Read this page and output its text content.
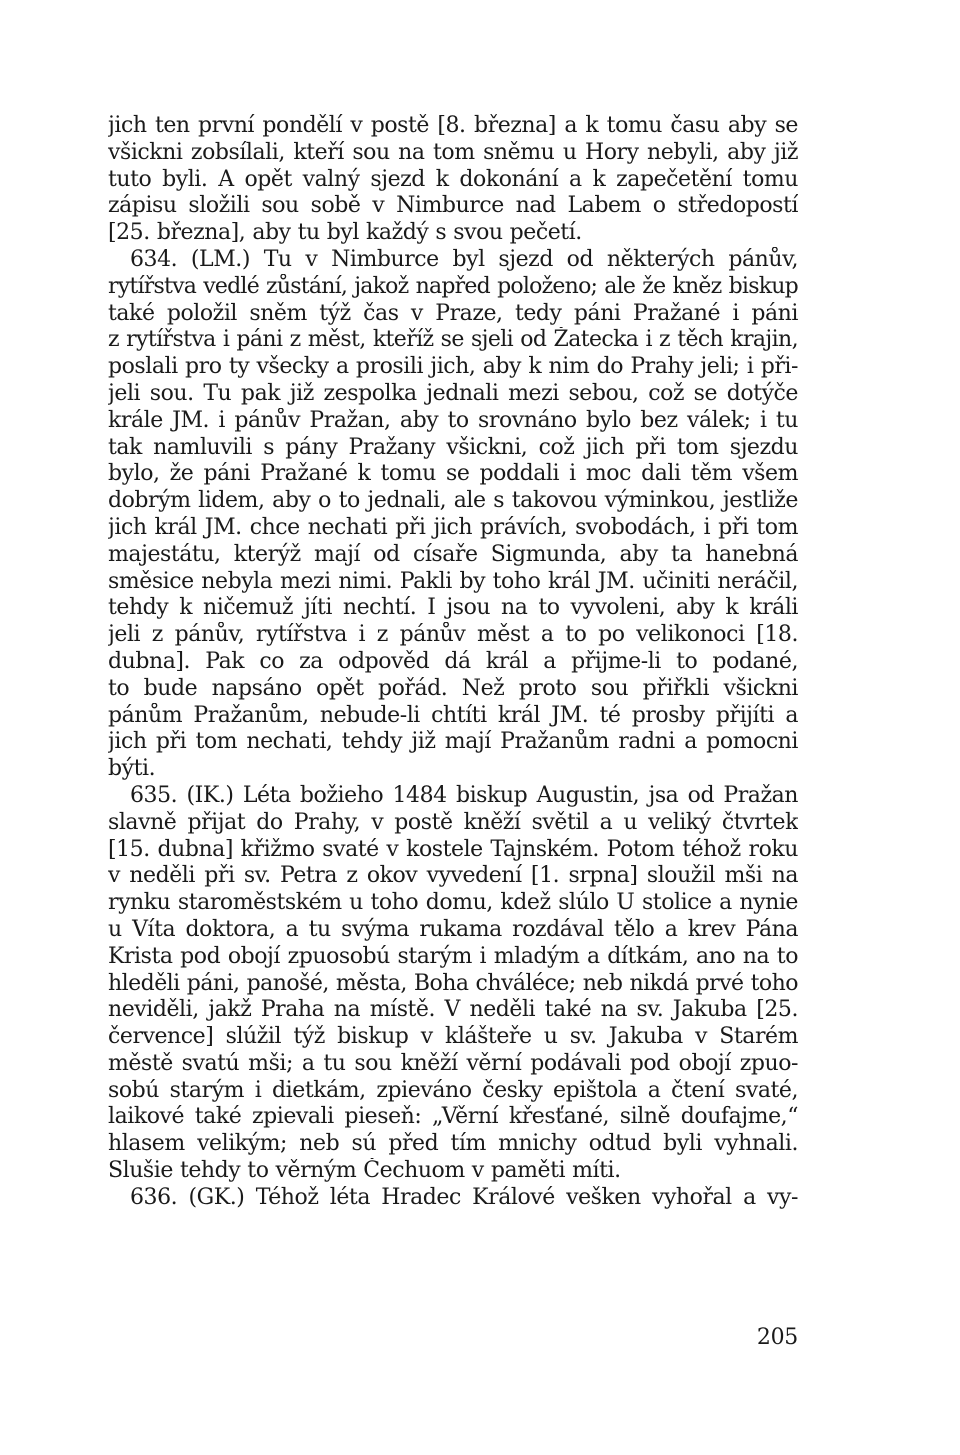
jich ten první pondělí v postě [8. března] a k tomu času aby se
všickni zobsílali, kteří sou na tom sněmu u Hory nebyli, aby již
tuto byli. A opět valný sjezd k dokonání a k zapečetění tomu
zápisu složili sou sobě v Nimburce nad Labem o středopostí
[25. března], aby tu byl každý s svou pečetí.
634. (LM.) Tu v Nimburce byl sjezd od některých pánův,
rytířstva vedlé zůstání, jakož napřed položeno; ale že kněz biskup
také položil sněm týž čas v Praze, tedy páni Pražané i páni
z rytířstva i páni z měst, kteříž se sjeli od Žatecka i z těch krajin,
poslali pro ty všecky a prosili jich, aby k nim do Prahy jeli; i při-
jeli sou. Tu pak již zespolka jednali mezi sebou, což se dotýče
krále JM. i pánův Pražan, aby to srovnáno bylo bez válek; i tu
tak namluvili s pány Pražany všickni, což jich při tom sjezdu
bylo, že páni Pražané k tomu se poddali i moc dali těm všem
dobrým lidem, aby o to jednali, ale s takovou výminkou, jestliže
jich král JM. chce nechati při jich právích, svobodách, i při tom
majestátu, kterýž mají od císaře Sigmunda, aby ta hanebná
směsice nebyla mezi nimi. Pakli by toho král JM. učiniti neráčil,
tehdy k ničemuž jíti nechtí. I jsou na to vyvoleni, aby k králi
jeli z pánův, rytířstva i z pánův měst a to po velikonoci [18.
dubna]. Pak co za odpověd dá král a přijme-li to podané,
to bude napsáno opět pořád. Než proto sou přiřkli všickni
pánům Pražanům, nebude-li chtíti král JM. té prosby přijíti a
jich při tom nechati, tehdy již mají Pražanům radni a pomocni
býti.
635. (IK.) Léta božieho 1484 biskup Augustin, jsa od Pražan
slavně přijat do Prahy, v postě kněží světil a u veliký čtvrtek
[15. dubna] křižmo svaté v kostele Tajnském. Potom téhož roku
v neděli při sv. Petra z okov vyvedení [1. srpna] sloužil mši na
rynku staroměstském u toho domu, kdež slúlo U stolice a nynie
u Víta doktora, a tu svýma rukama rozdával tělo a krev Pána
Krista pod obojí zpuosobú starým i mladým a dítkám, ano na to
hleděli páni, panošé, města, Boha chváléce; neb nikdá prvé toho
neviděli, jakž Praha na místě. V neděli také na sv. Jakuba [25.
července] slúžil týž biskup v klášteře u sv. Jakuba v Starém
městě svatú mši; a tu sou kněží věrní podávali pod obojí zpuo-
sobú starým i dietkám, zpieváno česky epištola a čtení svaté,
laikové také zpievali pieseň: „Věrní křesťané, silně doufajme,“
hlasem velikým; neb sú před tím mnichy odtud byli vyhnali.
Slušie tehdy to věrným Čechuom v paměti míti.
636. (GK.) Téhož léta Hradec Králové vešken vyhořal a vy-
205
